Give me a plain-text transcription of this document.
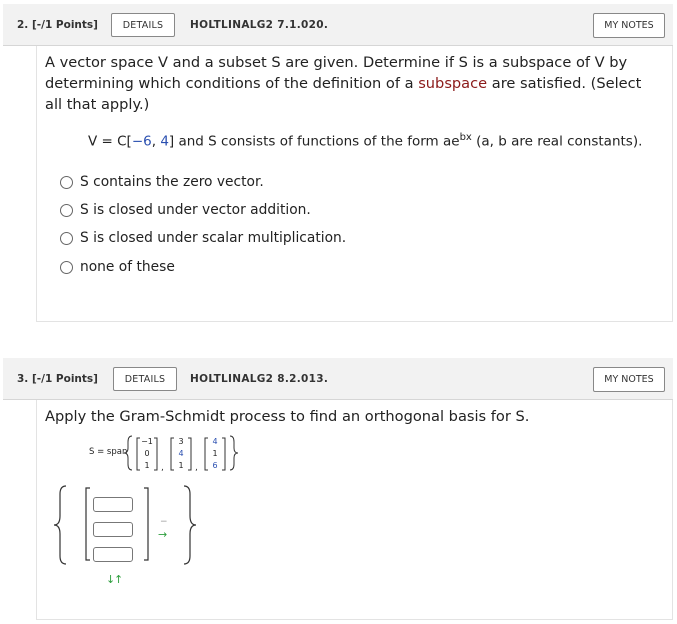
2. [-/1 Points]	DETAILS	HOLTLINALG2 7.1.020.	MY NOTES
A vector space V and a subset S are given. Determine if S is a subspace of V by determining which conditions of the definition of a subspace are satisfied. (Select all that apply.)
V = C[−6, 4] and S consists of functions of the form $ae^{bx}$ (a, b are real constants).
S contains the zero vector.
S is closed under vector addition.
S is closed under scalar multiplication.
none of these
3. [-/1 Points]	DETAILS	HOLTLINALG2 8.2.013.	MY NOTES
Apply the Gram-Schmidt process to find an orthogonal basis for S.
S = span
,	,
−1
0
1
3
4
1
4
1
6
−
→
↓
↑
